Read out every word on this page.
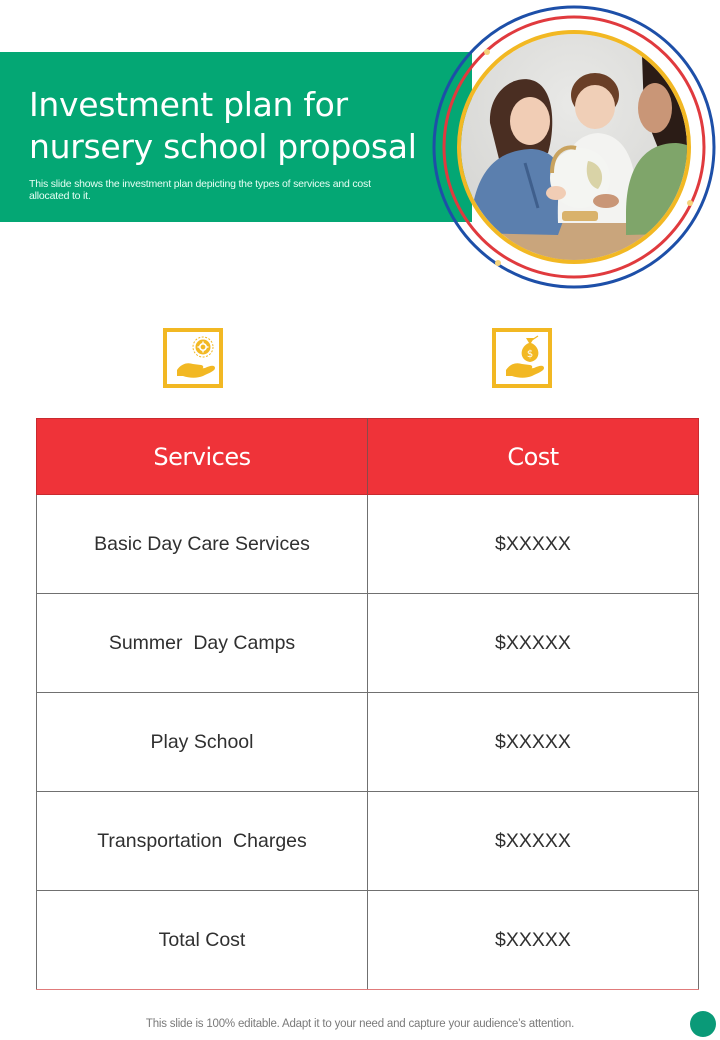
Investment plan for nursery school proposal

This slide shows the investment plan depicting the types of services and cost allocated to it.

$
Services	Cost
Basic Day Care Services	$XXXXX
Summer  Day Camps	$XXXXX
Play School	$XXXXX
Transportation  Charges	$XXXXX
Total Cost	$XXXXX

This slide is 100% editable. Adapt it to your need and capture your audience’s attention.
